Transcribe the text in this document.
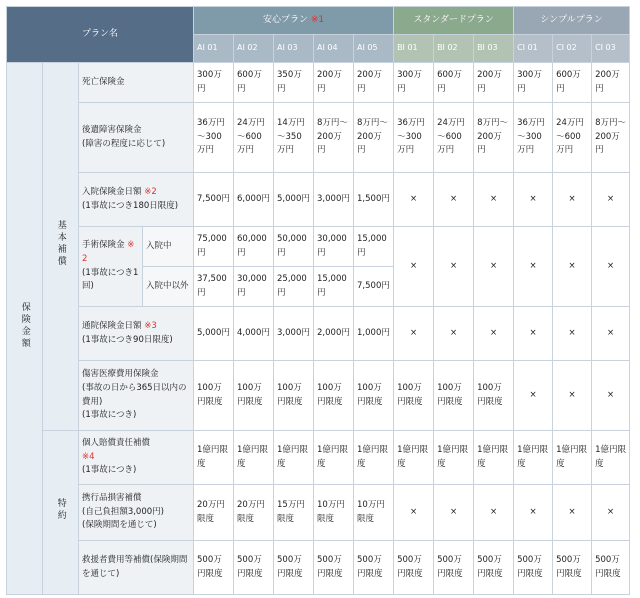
プラン名				安心プラン ※1					スタンダードプラン			シンプルプラン		
				AI 01	AI 02	AI 03	AI 04	AI 05	BI 01	BI 02	BI 03	CI 01	CI 02	CI 03
保険金額	基本補償	死亡保険金		300万円	600万円	350万円	200万円	200万円	300万円	600万円	200万円	300万円	600万円	200万円

		後遺障害保険金
(障害の程度に応じて)		36万円～300万円	24万円～600万円	14万円～350万円	8万円～200万円	8万円～200万円	36万円～300万円	24万円～600万円	8万円～200万円	36万円～300万円	24万円～600万円	8万円～200万円

		入院保険金日額 ※2
(1事故につき180日限度)		7,500円	6,000円	5,000円	3,000円	1,500円	×	×	×	×	×	×

		手術保険金 ※2
(1事故につき1回)	入院中	75,000円	60,000円	50,000円	30,000円	15,000円	×	×	×	×	×	×
			入院中以外	37,500円	30,000円	25,000円	15,000円	7,500円						

		通院保険金日額 ※3
(1事故につき90日限度)		5,000円	4,000円	3,000円	2,000円	1,000円	×	×	×	×	×	×

		傷害医療費用保険金
(事故の日から365日以内の費用)
(1事故につき)		100万円限度	100万円限度	100万円限度	100万円限度	100万円限度	100万円限度	100万円限度	100万円限度	×	×	×
	特約	個人賠償責任補償
※4
(1事故につき)		1億円限度	1億円限度	1億円限度	1億円限度	1億円限度	1億円限度	1億円限度	1億円限度	1億円限度	1億円限度	1億円限度

		携行品損害補償
(自己負担額3,000円)
(保険期間を通じて)		20万円限度	20万円限度	15万円限度	10万円限度	10万円限度	×	×	×	×	×	×
		救援者費用等補償(保険期間を通じて)		500万円限度	500万円限度	500万円限度	500万円限度	500万円限度	500万円限度	500万円限度	500万円限度	500万円限度	500万円限度	500万円限度
